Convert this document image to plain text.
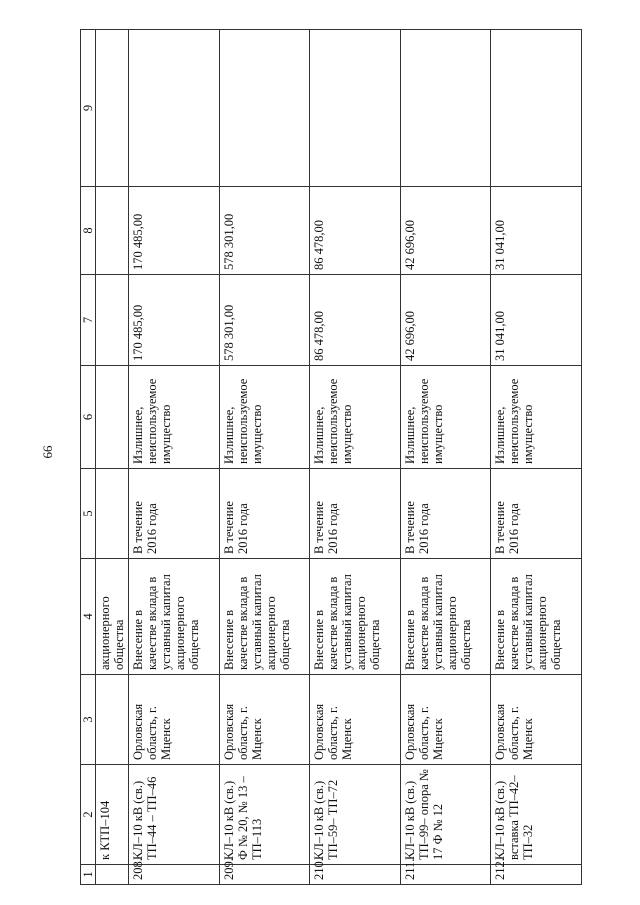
66
1	2	3	4	5	6	7	8	9
	к КТП–104		акционерного общества					
208.	КЛ–10 кВ (св.) ТП–44 – ТП–46	Орловская область, г. Мценск	Внесение в качестве вклада в уставный капитал акционерного общества	В течение 2016 года	Излишнее, неиспользуемое имущество	170 485,00	170 485,00	
209.	КЛ–10 кВ (св.) Ф № 20, № 13 – ТП–113	Орловская область, г. Мценск	Внесение в качестве вклада в уставный капитал акционерного общества	В течение 2016 года	Излишнее, неиспользуемое имущество	578 301,00	578 301,00	
210.	КЛ–10 кВ (св.) ТП–59– ТП–72	Орловская область, г. Мценск	Внесение в качестве вклада в уставный капитал акционерного общества	В течение 2016 года	Излишнее, неиспользуемое имущество	86 478,00	86 478,00	
211.	КЛ–10 кВ (св.) ТП–99– опора № 17 Ф № 12	Орловская область, г. Мценск	Внесение в качестве вклада в уставный капитал акционерного общества	В течение 2016 года	Излишнее, неиспользуемое имущество	42 696,00	42 696,00	
212.	КЛ–10 кВ (св.) вставка ТП–42–ТП–32	Орловская область, г. Мценск	Внесение в качестве вклада в уставный капитал акционерного общества	В течение 2016 года	Излишнее, неиспользуемое имущество	31 041,00	31 041,00	
